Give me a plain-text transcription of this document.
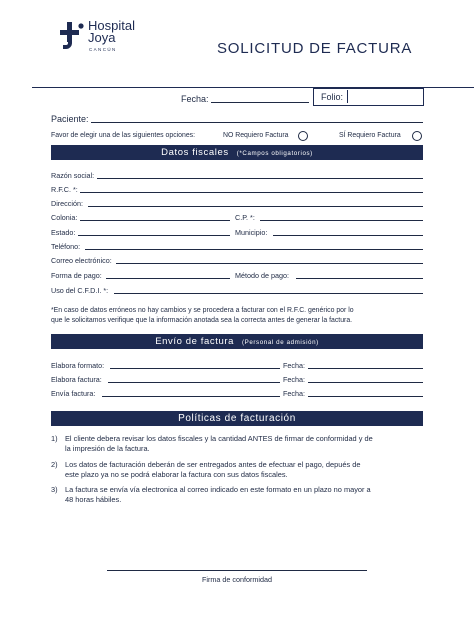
Hospital
Joya
CANCÚN	SOLICITUD DE FACTURA
Fecha:	Folio:
Paciente:
Favor de elegir una de las siguientes opciones:	NO Requiero Factura	SÍ Requiero Factura
Datos fiscales (*Campos obligatorios)
Razón social:
R.F.C. *:
Dirección:
Colonia:	C.P. *:
Estado:	Municipio:
Teléfono:
Correo electrónico:
Forma de pago:	Método de pago:
Uso del C.F.D.I. *:
*En caso de datos erróneos no hay cambios y se procedera a facturar con el R.F.C. genérico por lo
que le solicitamos verifique que la información anotada sea la correcta antes de generar la factura.
Envío de factura (Personal de admisión)
Elabora formato:	Fecha:
Elabora factura:	Fecha:
Envía factura:	Fecha:
Políticas de facturación
1) El cliente debera revisar los datos fiscales y la cantidad ANTES de firmar de conformidad y de
la impresión de la factura.
2) Los datos de facturación deberán de ser entregados antes de efectuar el pago, depués de
este plazo ya no se podrá elaborar la factura con sus datos fiscales.
3) La factura se envía vía electronica al correo indicado en este formato en un plazo no mayor a
48 horas hábiles.
Firma de conformidad
